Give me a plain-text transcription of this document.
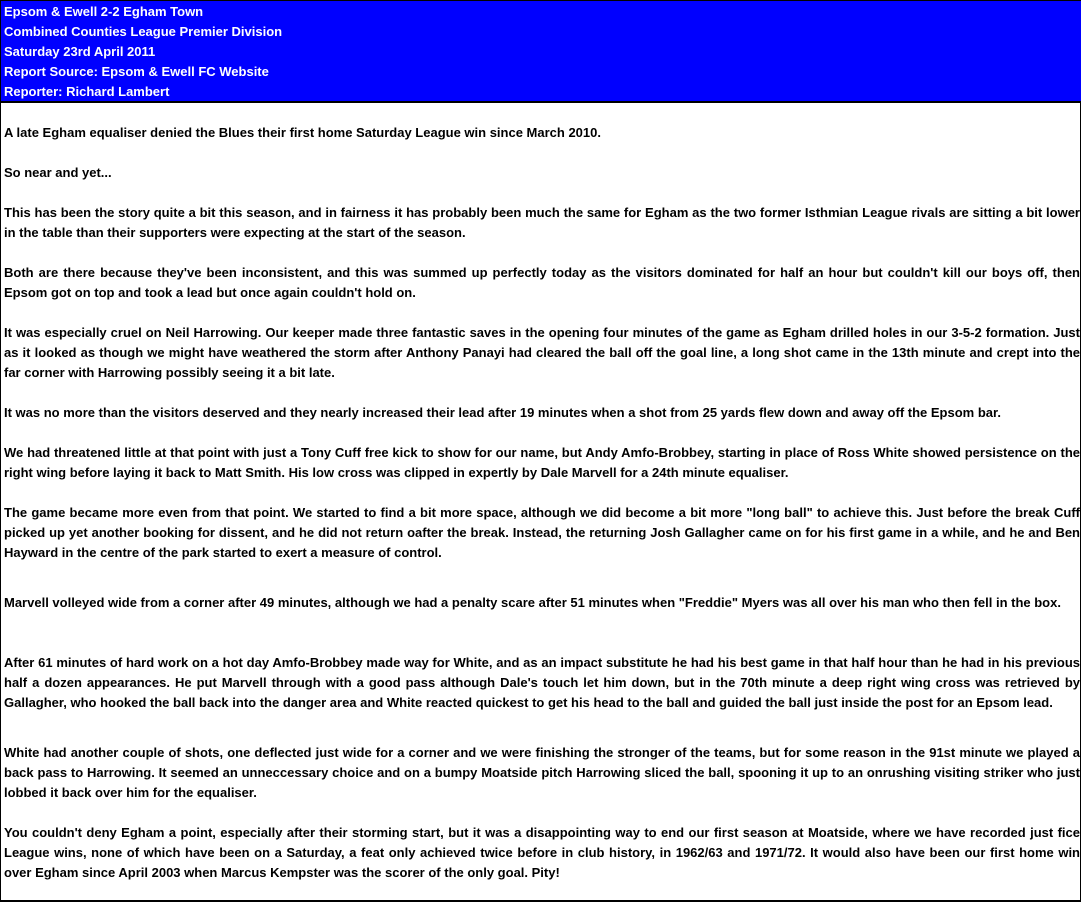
Epsom & Ewell 2-2 Egham Town
Combined Counties League Premier Division
Saturday 23rd April 2011
Report Source: Epsom & Ewell FC Website
Reporter: Richard Lambert
A late Egham equaliser denied the Blues their first home Saturday League win since March 2010.
So near and yet...
This has been the story quite a bit this season, and in fairness it has probably been much the same for Egham as the two former Isthmian League rivals are sitting a bit lower in the table than their supporters were expecting at the start of the season.
Both are there because they've been inconsistent, and this was summed up perfectly today as the visitors dominated for half an hour but couldn't kill our boys off, then Epsom got on top and took a lead but once again couldn't hold on.
It was especially cruel on Neil Harrowing. Our keeper made three fantastic saves in the opening four minutes of the game as Egham drilled holes in our 3-5-2 formation. Just as it looked as though we might have weathered the storm after Anthony Panayi had cleared the ball off the goal line, a long shot came in the 13th minute and crept into the far corner with Harrowing possibly seeing it a bit late.
It was no more than the visitors deserved and they nearly increased their lead after 19 minutes when a shot from 25 yards flew down and away off the Epsom bar.
We had threatened little at that point with just a Tony Cuff free kick to show for our name, but Andy Amfo-Brobbey, starting in place of Ross White showed persistence on the right wing before laying it back to Matt Smith. His low cross was clipped in expertly by Dale Marvell for a 24th minute equaliser.
The game became more even from that point. We started to find a bit more space, although we did become a bit more "long ball" to achieve this. Just before the break Cuff picked up yet another booking for dissent, and he did not return oafter the break. Instead, the returning Josh Gallagher came on for his first game in a while, and he and Ben Hayward in the centre of the park started to exert a measure of control.
Marvell volleyed wide from a corner after 49 minutes, although we had a penalty scare after 51 minutes when "Freddie" Myers was all over his man who then fell in the box.
After 61 minutes of hard work on a hot day Amfo-Brobbey made way for White, and as an impact substitute he had his best game in that half hour than he had in his previous half a dozen appearances. He put Marvell through with a good pass although Dale's touch let him down, but in the 70th minute a deep right wing cross was retrieved by Gallagher, who hooked the ball back into the danger area and White reacted quickest to get his head to the ball and guided the ball just inside the post for an Epsom lead.
White had another couple of shots, one deflected just wide for a corner and we were finishing the stronger of the teams, but for some reason in the 91st minute we played a back pass to Harrowing. It seemed an unneccessary choice and on a bumpy Moatside pitch Harrowing sliced the ball, spooning it up to an onrushing visiting striker who just lobbed it back over him for the equaliser.
You couldn't deny Egham a point, especially after their storming start, but it was a disappointing way to end our first season at Moatside, where we have recorded just fice League wins, none of which have been on a Saturday, a feat only achieved twice before in club history, in 1962/63 and 1971/72. It would also have been our first home win over Egham since April 2003 when Marcus Kempster was the scorer of the only goal. Pity!
